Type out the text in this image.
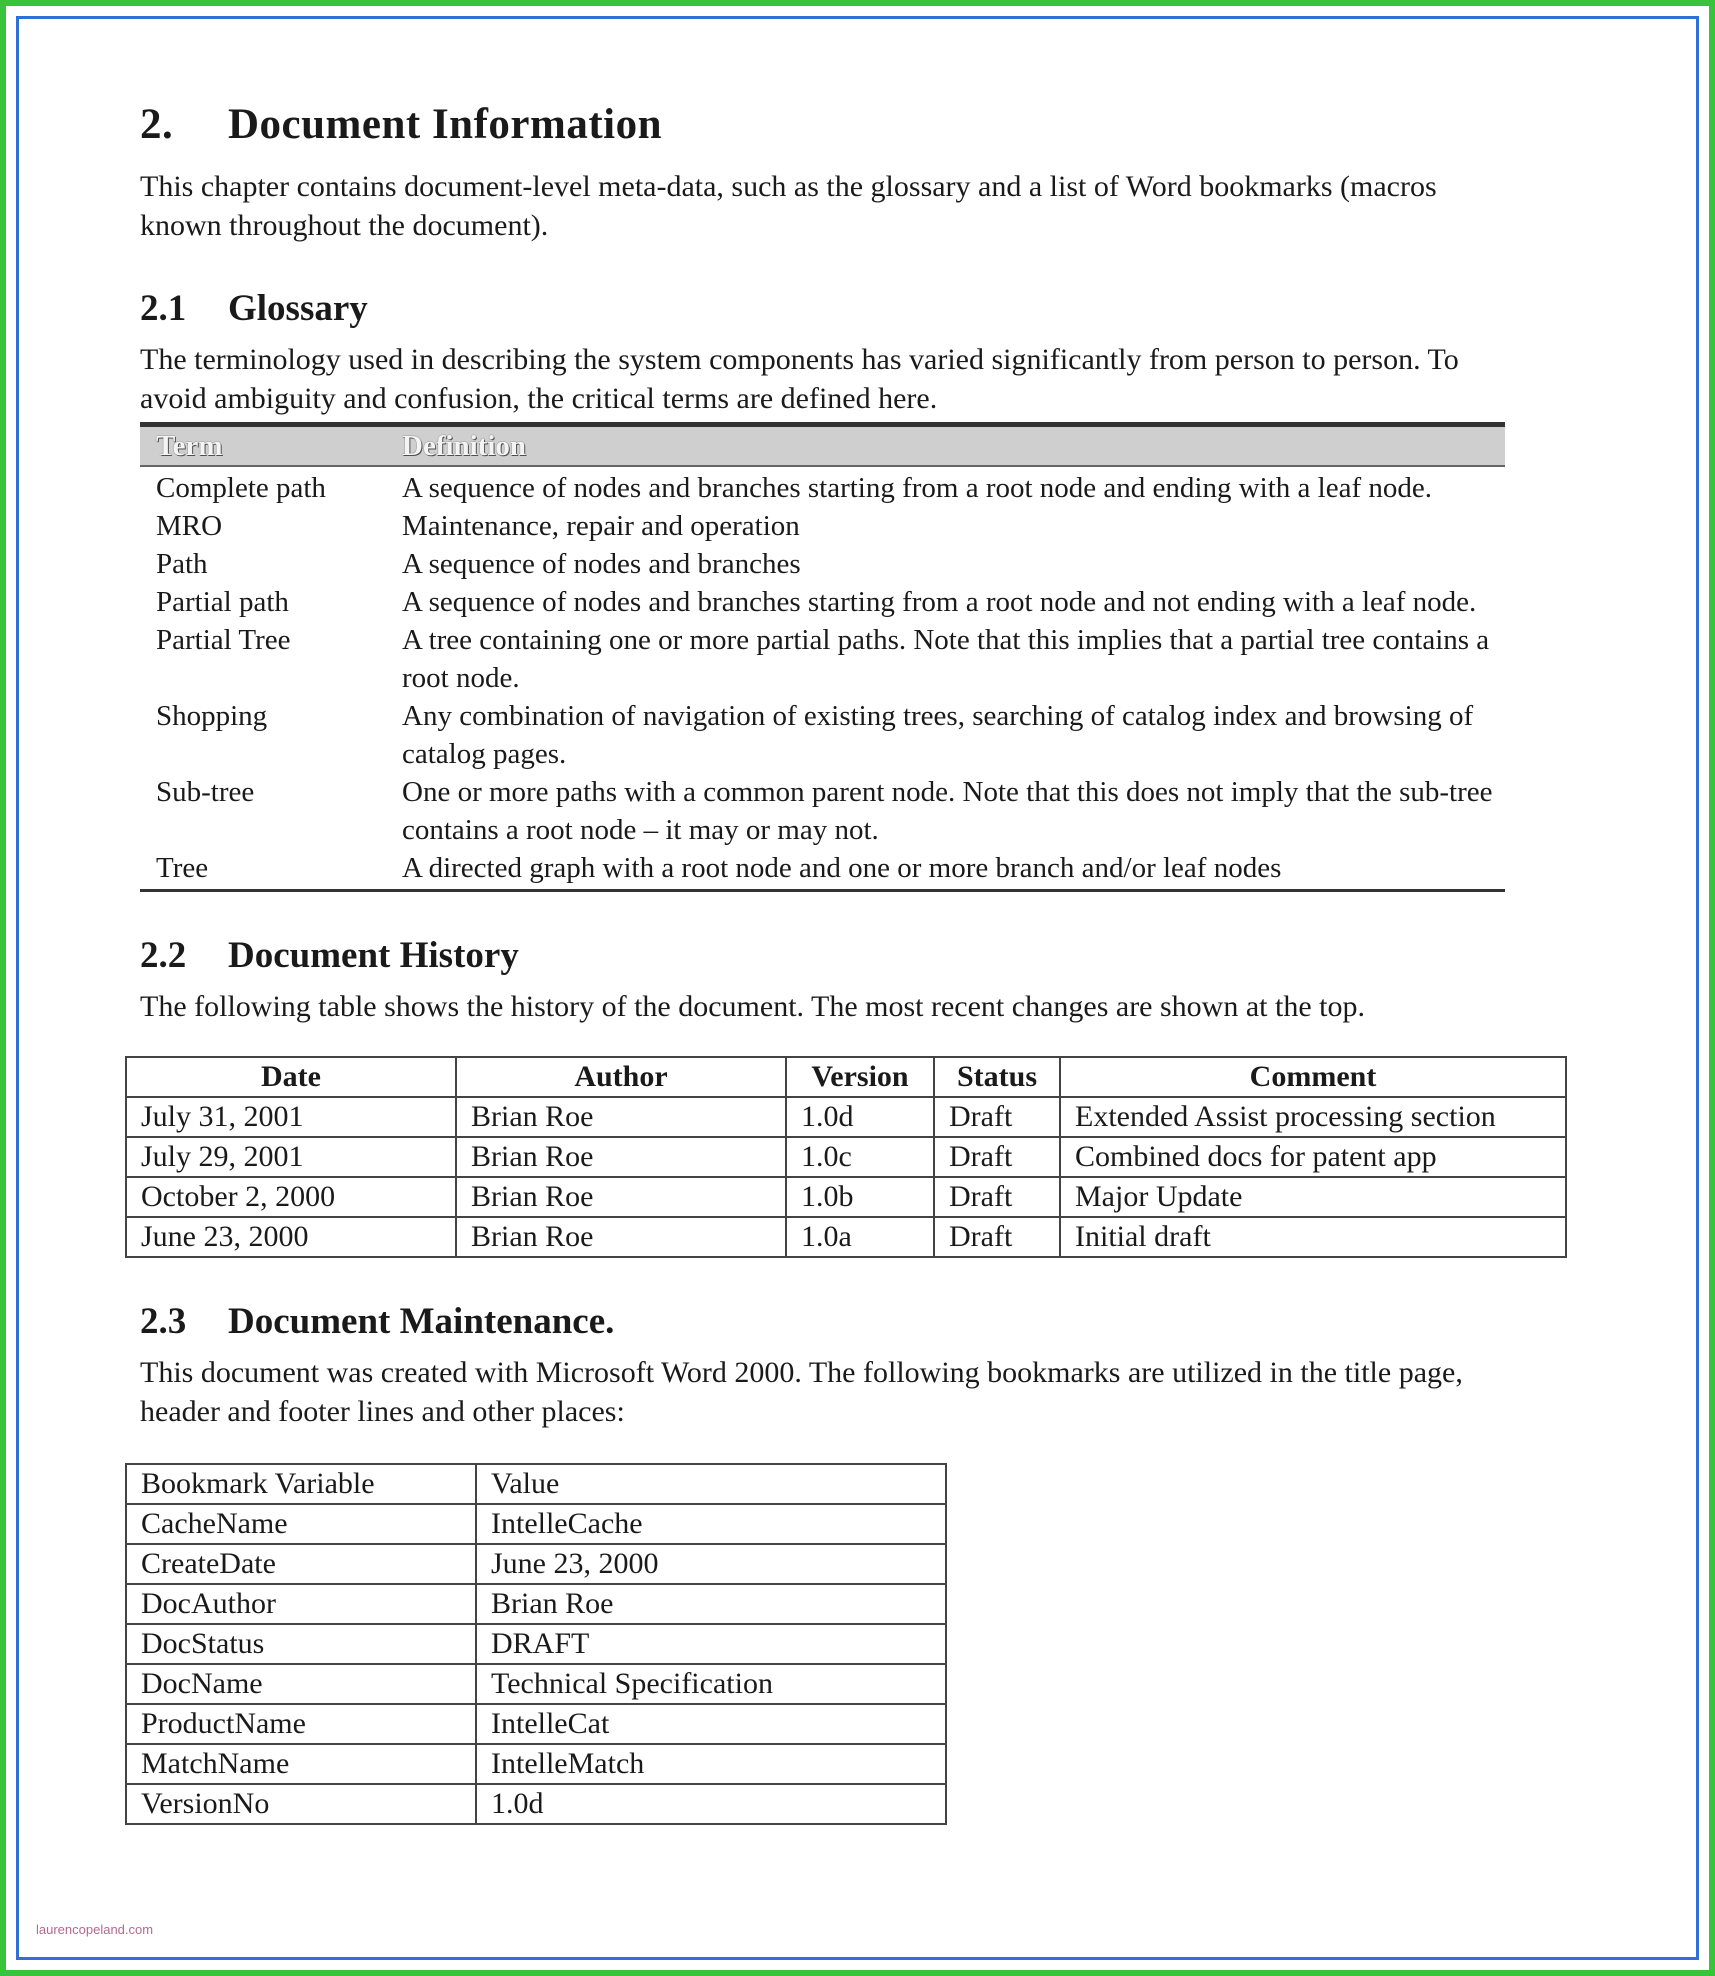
2. Document Information

This chapter contains document-level meta-data, such as the glossary and a list of Word bookmarks (macros known throughout the document).

2.1 Glossary

The terminology used in describing the system components has varied significantly from person to person. To avoid ambiguity and confusion, the critical terms are defined here.

Term	Definition
Complete path	A sequence of nodes and branches starting from a root node and ending with a leaf node.
MRO	Maintenance, repair and operation
Path	A sequence of nodes and branches
Partial path	A sequence of nodes and branches starting from a root node and not ending with a leaf node.
Partial Tree	A tree containing one or more partial paths. Note that this implies that a partial tree contains a root node.
Shopping	Any combination of navigation of existing trees, searching of catalog index and browsing of catalog pages.
Sub-tree	One or more paths with a common parent node. Note that this does not imply that the sub-tree contains a root node – it may or may not.
Tree	A directed graph with a root node and one or more branch and/or leaf nodes
2.2 Document History

The following table shows the history of the document. The most recent changes are shown at the top.

Date	Author	Version	Status	Comment
July 31, 2001	Brian Roe	1.0d	Draft	Extended Assist processing section
July 29, 2001	Brian Roe	1.0c	Draft	Combined docs for patent app
October 2, 2000	Brian Roe	1.0b	Draft	Major Update
June 23, 2000	Brian Roe	1.0a	Draft	Initial draft
2.3 Document Maintenance.

This document was created with Microsoft Word 2000. The following bookmarks are utilized in the title page, header and footer lines and other places:

Bookmark Variable	Value
CacheName	IntelleCache
CreateDate	June 23, 2000
DocAuthor	Brian Roe
DocStatus	DRAFT
DocName	Technical Specification
ProductName	IntelleCat
MatchName	IntelleMatch
VersionNo	1.0d
laurencopeland.com
